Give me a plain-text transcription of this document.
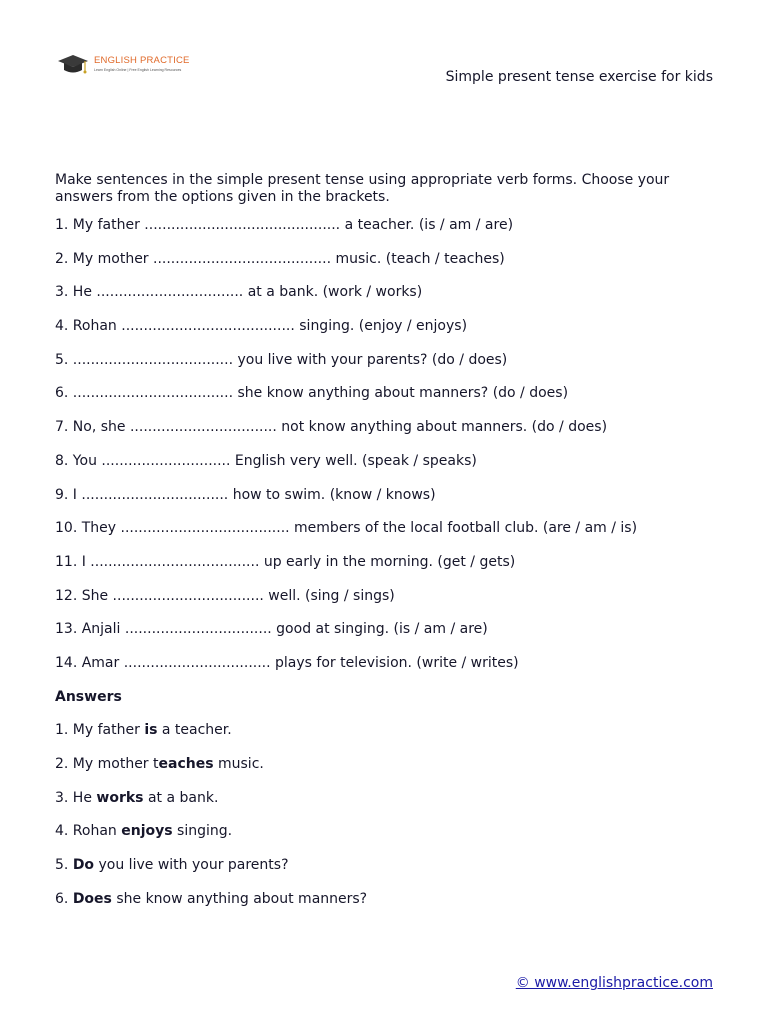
ENGLISH PRACTICE
Learn English Online | Free English Learning Resources	Simple present tense exercise for kids

Make sentences in the simple present tense using appropriate verb forms. Choose your answers from the options given in the brackets.

1. My father ............................................ a teacher. (is / am / are)

2. My mother ........................................ music. (teach / teaches)

3. He ................................. at a bank. (work / works)

4. Rohan ....................................... singing. (enjoy / enjoys)

5. .................................... you live with your parents? (do / does)

6. .................................... she know anything about manners? (do / does)

7. No, she ................................. not know anything about manners. (do / does)

8. You ............................. English very well. (speak / speaks)

9. I ................................. how to swim. (know / knows)

10. They ...................................... members of the local football club. (are / am / is)

11. I ...................................... up early in the morning. (get / gets)

12. She .................................. well. (sing / sings)

13. Anjali ................................. good at singing. (is / am / are)

14. Amar ................................. plays for television. (write / writes)

Answers

1. My father is a teacher.

2. My mother teaches music.

3. He works at a bank.

4. Rohan enjoys singing.

5. Do you live with your parents?

6. Does she know anything about manners?

© www.englishpractice.com
